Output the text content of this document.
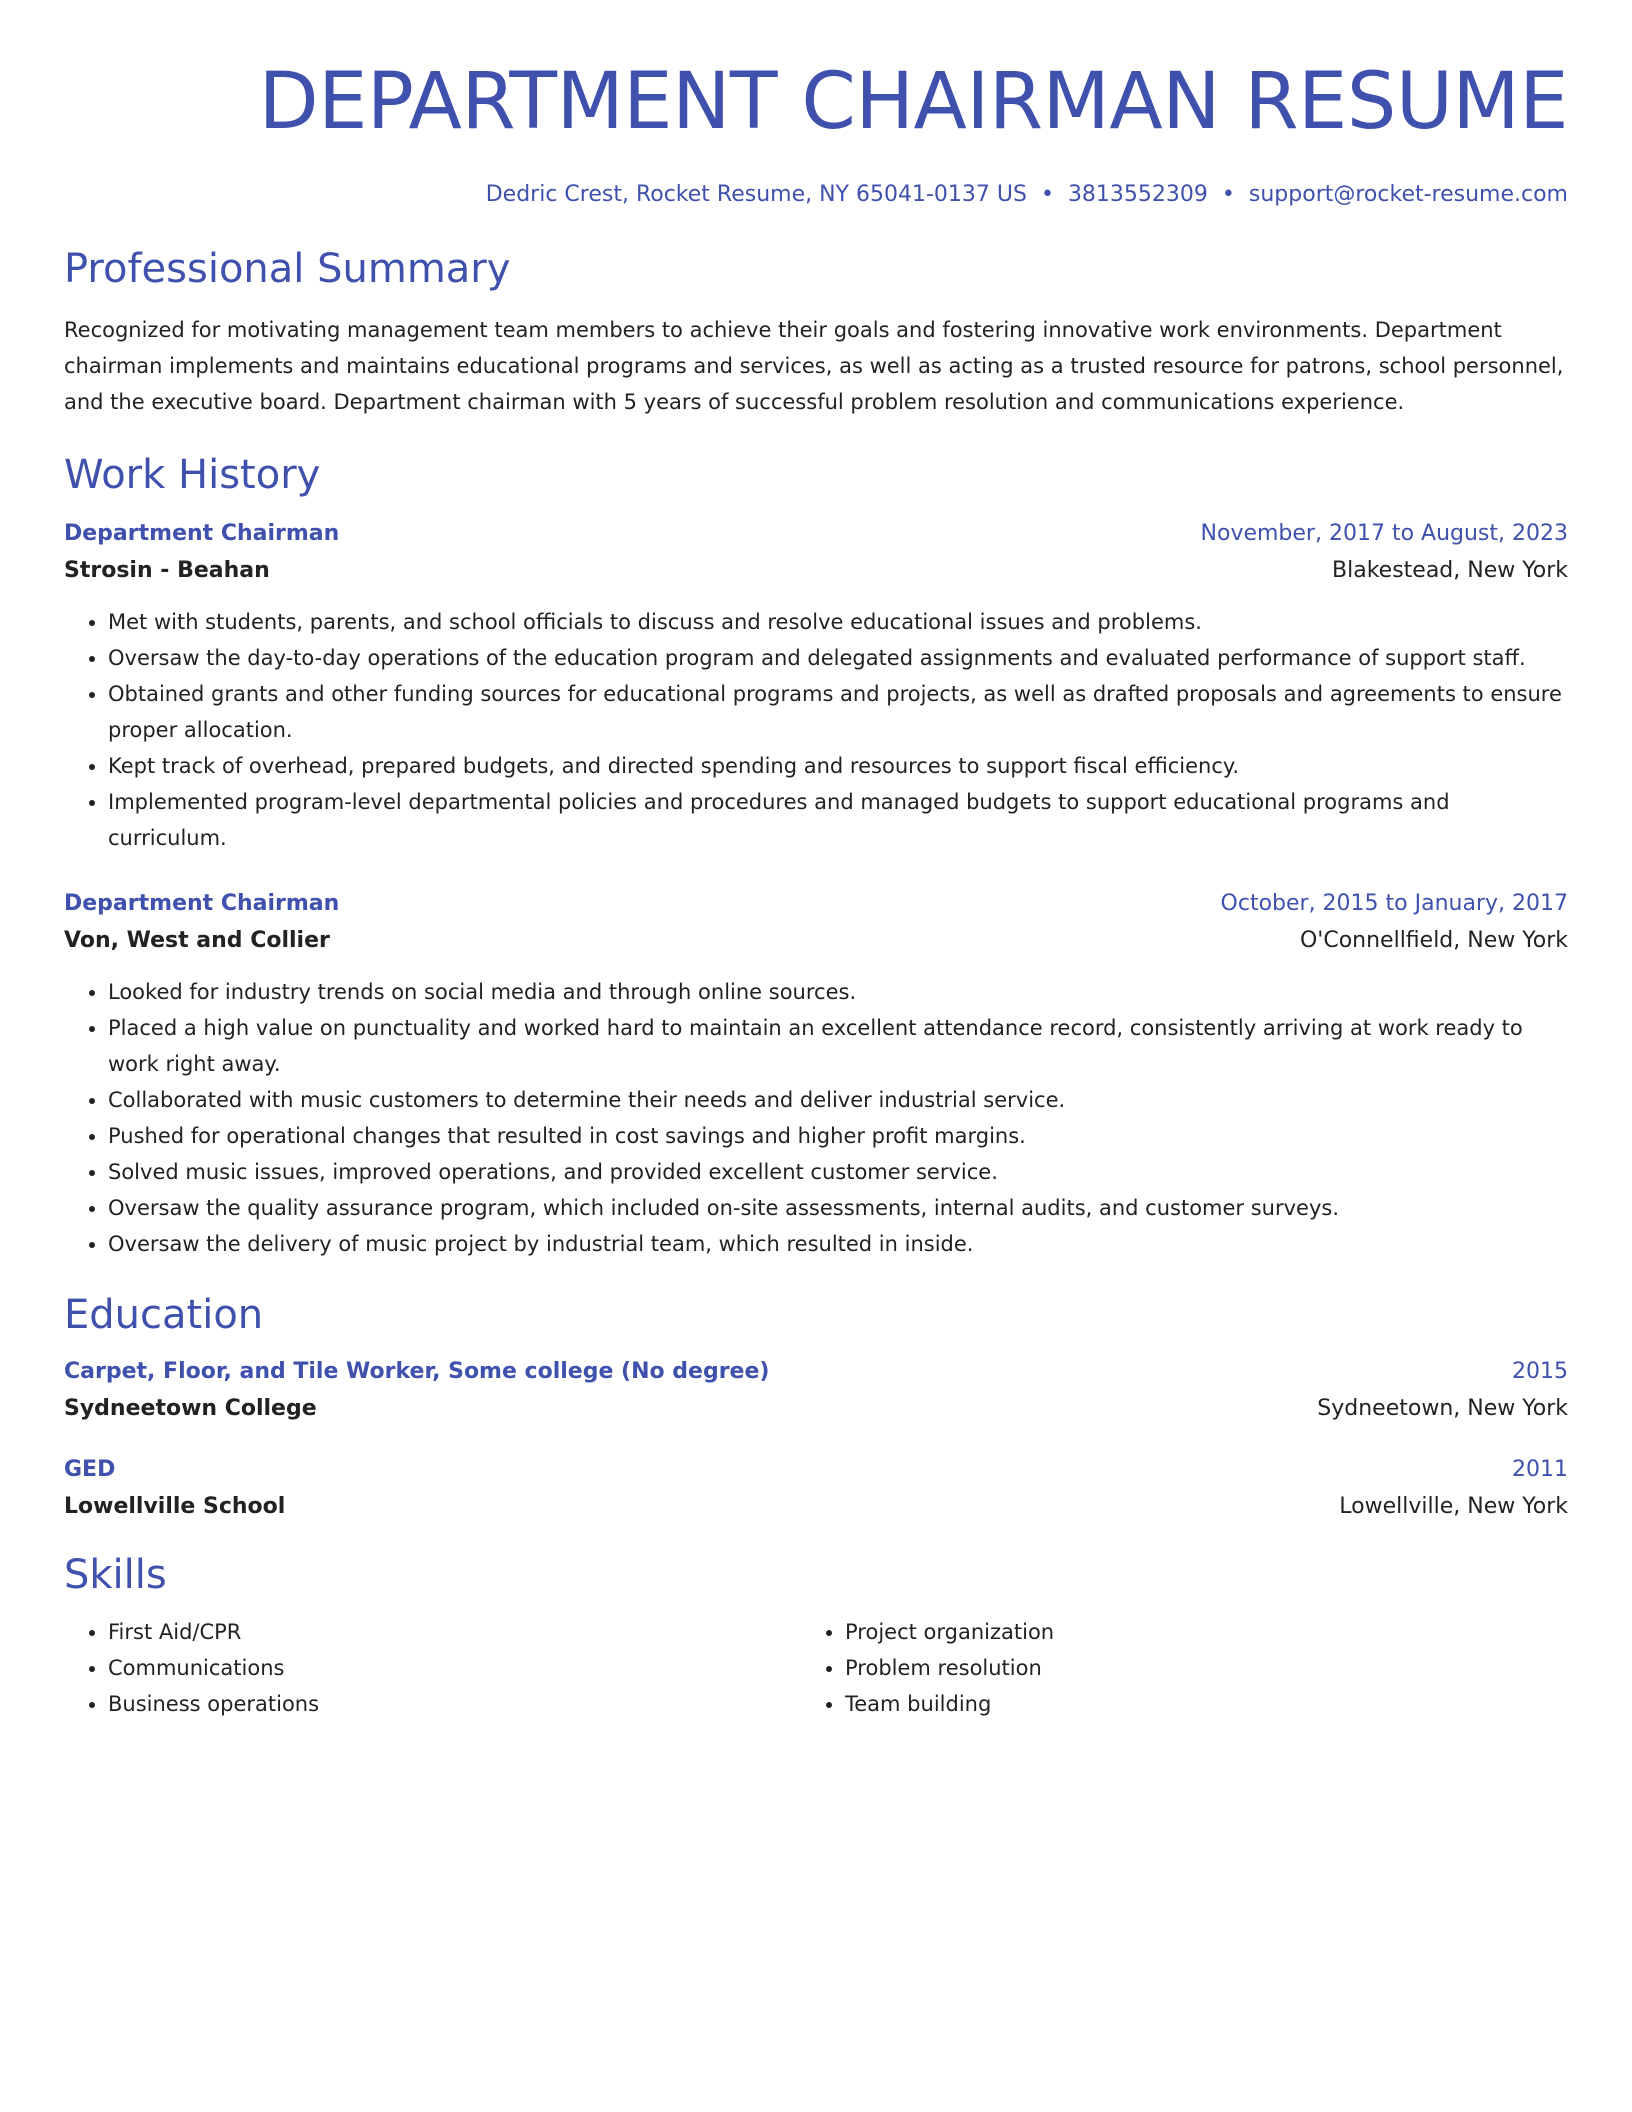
DEPARTMENT CHAIRMAN RESUME
Dedric Crest, Rocket Resume, NY 65041-0137 US • 3813552309 • support@rocket-resume.com
Professional Summary
Recognized for motivating management team members to achieve their goals and fostering innovative work environments. Department chairman implements and maintains educational programs and services, as well as acting as a trusted resource for patrons, school personnel, and the executive board. Department chairman with 5 years of successful problem resolution and communications experience.
Work History
Department Chairman	November, 2017 to August, 2023
Strosin - Beahan	Blakestead, New York
• Met with students, parents, and school officials to discuss and resolve educational issues and problems.
• Oversaw the day-to-day operations of the education program and delegated assignments and evaluated performance of support staff.
• Obtained grants and other funding sources for educational programs and projects, as well as drafted proposals and agreements to ensure proper allocation.
• Kept track of overhead, prepared budgets, and directed spending and resources to support fiscal efficiency.
• Implemented program-level departmental policies and procedures and managed budgets to support educational programs and curriculum.
Department Chairman	October, 2015 to January, 2017
Von, West and Collier	O'Connellfield, New York
• Looked for industry trends on social media and through online sources.
• Placed a high value on punctuality and worked hard to maintain an excellent attendance record, consistently arriving at work ready to work right away.
• Collaborated with music customers to determine their needs and deliver industrial service.
• Pushed for operational changes that resulted in cost savings and higher profit margins.
• Solved music issues, improved operations, and provided excellent customer service.
• Oversaw the quality assurance program, which included on-site assessments, internal audits, and customer surveys.
• Oversaw the delivery of music project by industrial team, which resulted in inside.
Education
Carpet, Floor, and Tile Worker, Some college (No degree)	2015
Sydneetown College	Sydneetown, New York
GED	2011
Lowellville School	Lowellville, New York
Skills
• First Aid/CPR
• Communications
• Business operations
• Project organization
• Problem resolution
• Team building
